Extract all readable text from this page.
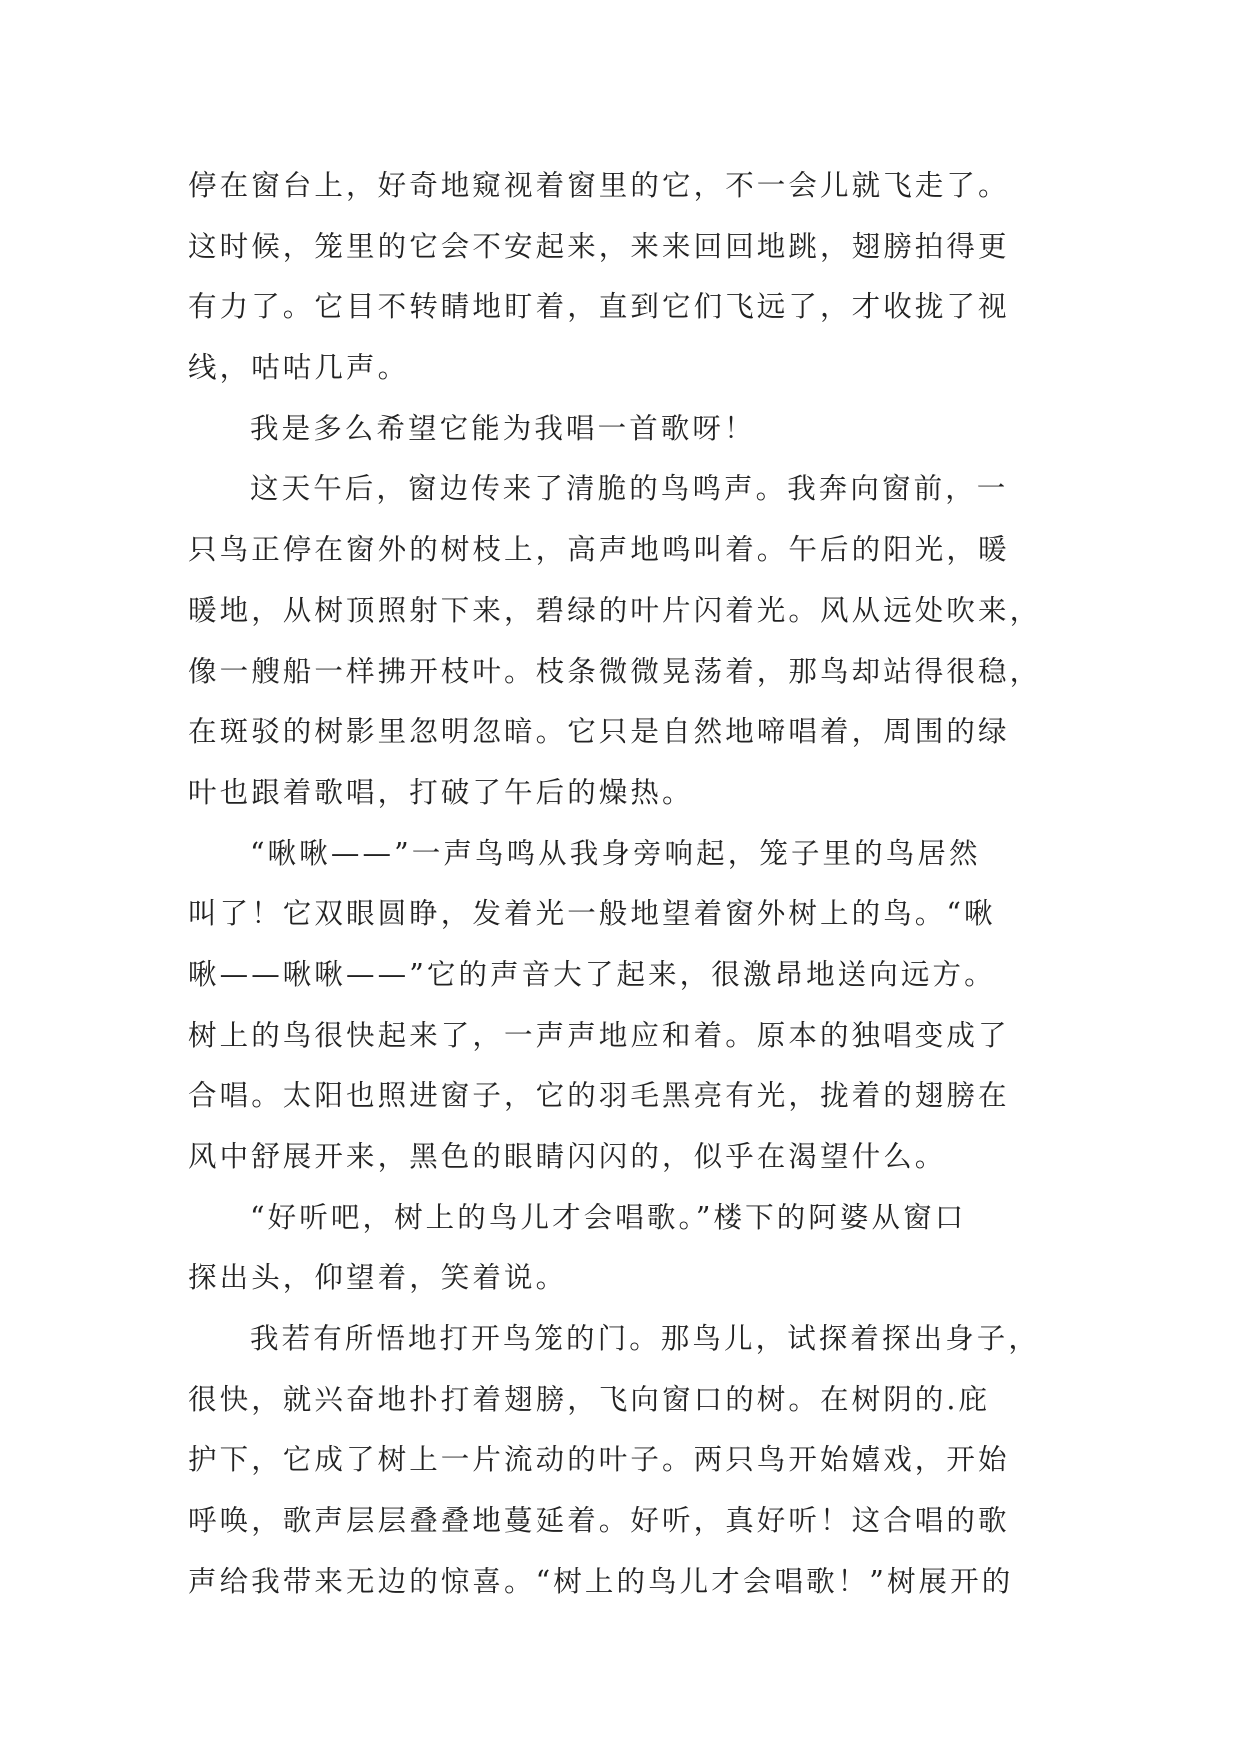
停在窗台上，好奇地窥视着窗里的它，不一会儿就飞走了。
这时候，笼里的它会不安起来，来来回回地跳，翅膀拍得更
有力了。它目不转睛地盯着，直到它们飞远了，才收拢了视
线，咕咕几声。
我是多么希望它能为我唱一首歌呀！
这天午后，窗边传来了清脆的鸟鸣声。我奔向窗前，一
只鸟正停在窗外的树枝上，高声地鸣叫着。午后的阳光，暖
暖地，从树顶照射下来，碧绿的叶片闪着光。风从远处吹来，
像一艘船一样拂开枝叶。枝条微微晃荡着，那鸟却站得很稳，
在斑驳的树影里忽明忽暗。它只是自然地啼唱着，周围的绿
叶也跟着歌唱，打破了午后的燥热。
“啾啾——”一声鸟鸣从我身旁响起，笼子里的鸟居然
叫了！它双眼圆睁，发着光一般地望着窗外树上的鸟。“啾
啾——啾啾——”它的声音大了起来，很激昂地送向远方。
树上的鸟很快起来了，一声声地应和着。原本的独唱变成了
合唱。太阳也照进窗子，它的羽毛黑亮有光，拢着的翅膀在
风中舒展开来，黑色的眼睛闪闪的，似乎在渴望什么。
“好听吧，树上的鸟儿才会唱歌。”楼下的阿婆从窗口
探出头，仰望着，笑着说。
我若有所悟地打开鸟笼的门。那鸟儿，试探着探出身子，
很快，就兴奋地扑打着翅膀，飞向窗口的树。在树阴的.庇
护下，它成了树上一片流动的叶子。两只鸟开始嬉戏，开始
呼唤，歌声层层叠叠地蔓延着。好听，真好听！这合唱的歌
声给我带来无边的惊喜。“树上的鸟儿才会唱歌！”树展开的
